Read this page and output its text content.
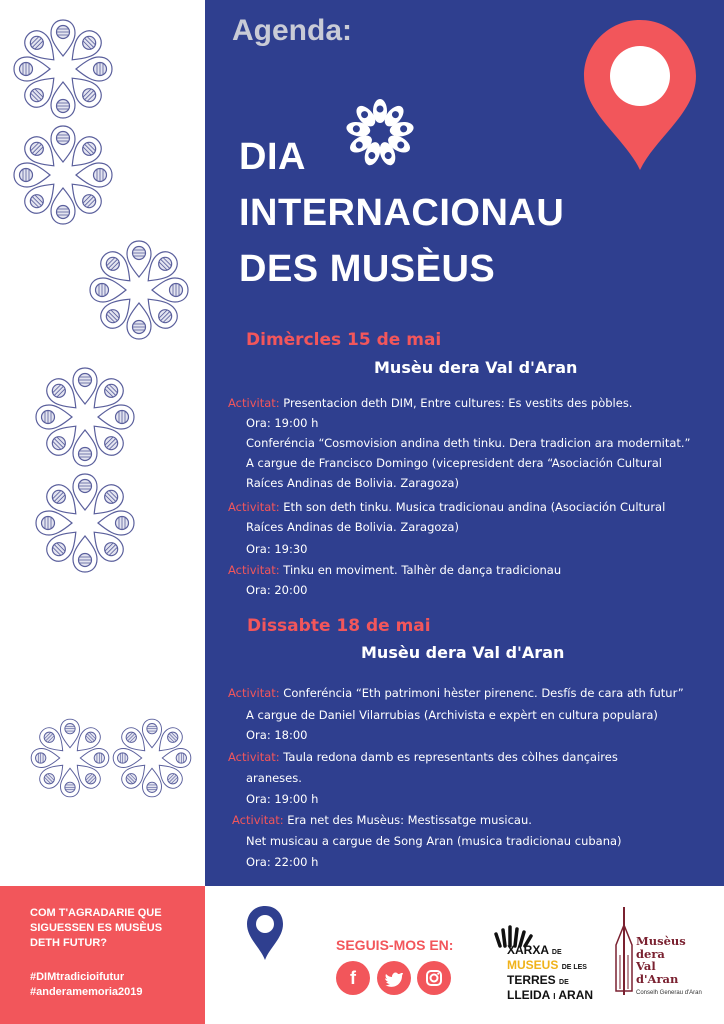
Agenda:
DIA
INTERNACIONAU
DES MUSÈUS
Dimèrcles 15 de mai
Musèu dera Val d'Aran
Activitat: Presentacion deth DIM, Entre cultures: Es vestits des pòbles.
Ora: 19:00 h
Conferéncia “Cosmovision andina deth tinku. Dera tradicion ara modernitat.”
A cargue de Francisco Domingo (vicepresident dera “Asociación Cultural
Raíces Andinas de Bolivia. Zaragoza)
Activitat: Eth son deth tinku. Musica tradicionau andina (Asociación Cultural
Raíces Andinas de Bolivia. Zaragoza)
Ora: 19:30
Activitat: Tinku en moviment. Talhèr de dança tradicionau
Ora: 20:00
Dissabte 18 de mai
Musèu dera Val d'Aran
Activitat: Conferéncia “Eth patrimoni hèster pirenenc. Desfís de cara ath futur”
A cargue de Daniel Vilarrubias (Archivista e expèrt en cultura populara)
Ora: 18:00
Activitat: Taula redona damb es representants des còlhes dançaires
araneses.
Ora: 19:00 h
Activitat: Era net des Musèus: Mestissatge musicau.
Net musicau a cargue de Song Aran (musica tradicionau cubana)
Ora: 22:00 h
COM T'AGRADARIE QUE
SIGUESSEN ES MUSÈUS
DETH FUTUR?
#DIMtradicioifutur
#anderamemoria2019
SEGUIS-MOS EN:
f
XARXA DE
MUSEUS DE LES
TERRES DE
LLEIDA I ARAN
Musèus
dera
Val
d'Aran
Conselh Generau d'Aran
